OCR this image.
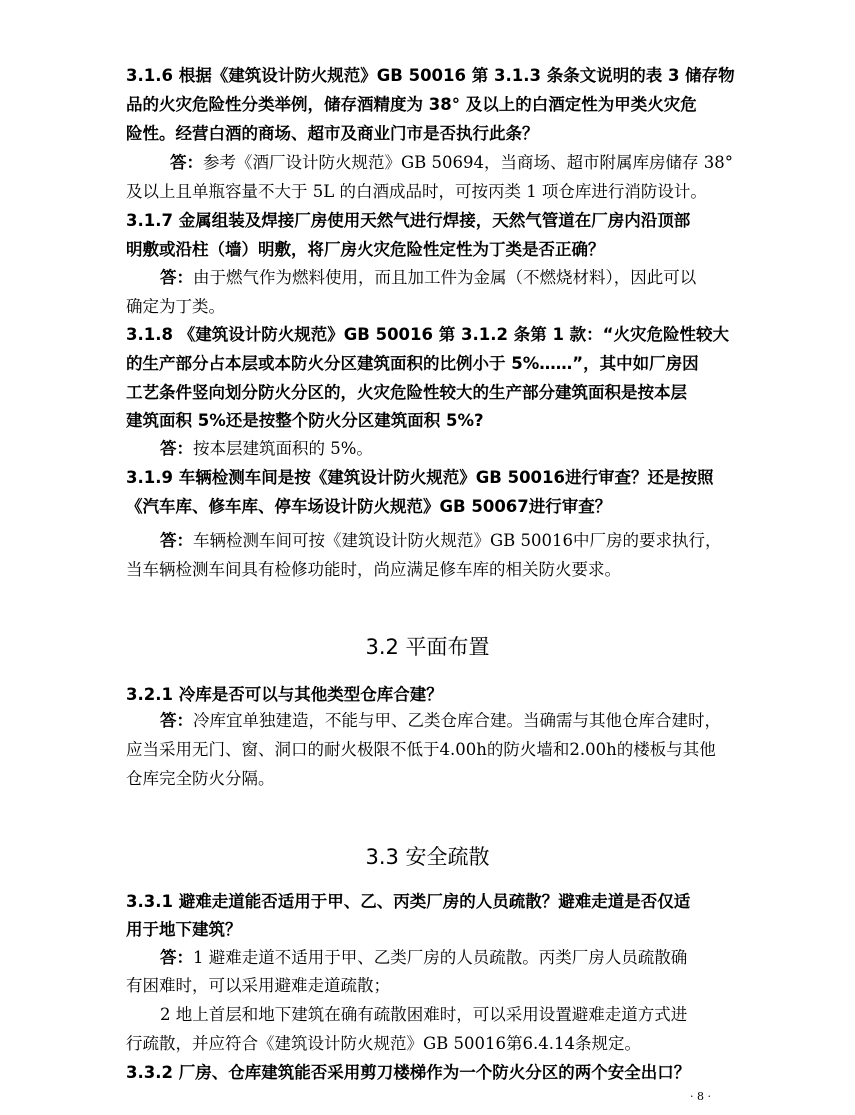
3.1.6 根据《建筑设计防火规范》GB 50016 第 3.1.3 条条文说明的表 3 储存物
品的火灾危险性分类举例，储存酒精度为 38° 及以上的白酒定性为甲类火灾危
险性。经营白酒的商场、超市及商业门市是否执行此条？
答：参考《酒厂设计防火规范》GB 50694，当商场、超市附属库房储存 38°
及以上且单瓶容量不大于 5L 的白酒成品时，可按丙类 1 项仓库进行消防设计。
3.1.7 金属组装及焊接厂房使用天然气进行焊接，天然气管道在厂房内沿顶部
明敷或沿柱（墙）明敷，将厂房火灾危险性定性为丁类是否正确？
答：由于燃气作为燃料使用，而且加工件为金属（不燃烧材料），因此可以
确定为丁类。
3.1.8 《建筑设计防火规范》GB 50016 第 3.1.2 条第 1 款：“火灾危险性较大
的生产部分占本层或本防火分区建筑面积的比例小于 5%……”，其中如厂房因
工艺条件竖向划分防火分区的，火灾危险性较大的生产部分建筑面积是按本层
建筑面积 5%还是按整个防火分区建筑面积 5%?
答：按本层建筑面积的 5%。
3.1.9 车辆检测车间是按《建筑设计防火规范》GB 50016进行审查？还是按照
《汽车库、修车库、停车场设计防火规范》GB 50067进行审查？
答：车辆检测车间可按《建筑设计防火规范》GB 50016中厂房的要求执行，
当车辆检测车间具有检修功能时，尚应满足修车库的相关防火要求。
3.2 平面布置
3.2.1 冷库是否可以与其他类型仓库合建？
答：冷库宜单独建造，不能与甲、乙类仓库合建。当确需与其他仓库合建时，
应当采用无门、窗、洞口的耐火极限不低于4.00h的防火墙和2.00h的楼板与其他
仓库完全防火分隔。
3.3 安全疏散
3.3.1 避难走道能否适用于甲、乙、丙类厂房的人员疏散？避难走道是否仅适
用于地下建筑？
答：1 避难走道不适用于甲、乙类厂房的人员疏散。丙类厂房人员疏散确
有困难时，可以采用避难走道疏散；
2 地上首层和地下建筑在确有疏散困难时，可以采用设置避难走道方式进
行疏散，并应符合《建筑设计防火规范》GB 50016第6.4.14条规定。
3.3.2 厂房、仓库建筑能否采用剪刀楼梯作为一个防火分区的两个安全出口？
· 8 ·
